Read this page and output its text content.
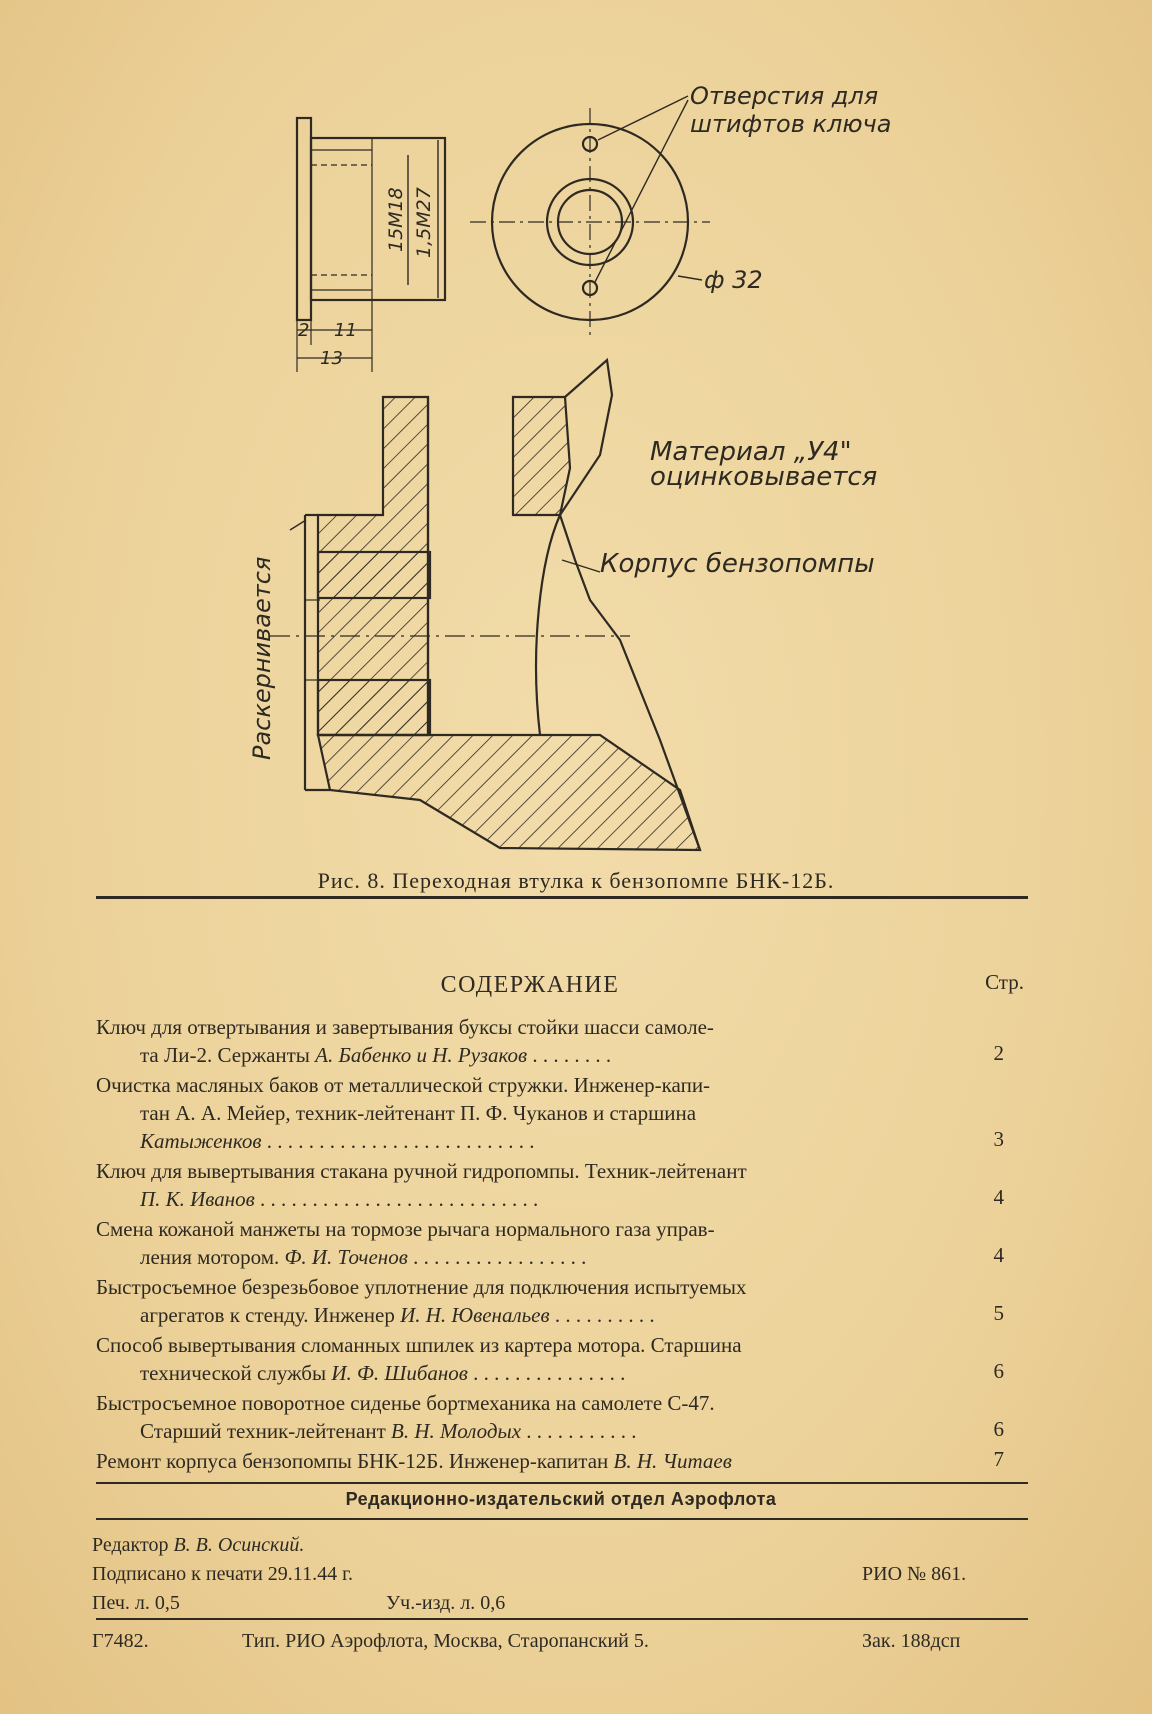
Отверстия для
штифтов ключа
ф 32
Материал „У4"
оцинковывается
Корпус бензопомпы
Раскернивается
15М18 1,5М27
2 11
13
Рис. 8. Переходная втулка к бензопомпе БНК-12Б.
СОДЕРЖАНИЕ	Стр.
Ключ для отвертывания и завертывания буксы стойки шасси самоле-
та Ли-2. Сержанты А. Бабенко и Н. Рузаков . . . . . . . .	2
Очистка масляных баков от металлической стружки. Инженер-капи-
тан А. А. Мейер, техник-лейтенант П. Ф. Чуканов и старшина
Катыженков . . . . . . . . . . . . . . . . . . . . . . . . . .	3
Ключ для вывертывания стакана ручной гидропомпы. Техник-лейтенант
П. К. Иванов . . . . . . . . . . . . . . . . . . . . . . . . . . .	4
Смена кожаной манжеты на тормозе рычага нормального газа управ-
ления мотором. Ф. И. Точенов . . . . . . . . . . . . . . . . .	4
Быстросъемное безрезьбовое уплотнение для подключения испытуемых
агрегатов к стенду. Инженер И. Н. Ювенальев . . . . . . . . . .	5
Способ вывертывания сломанных шпилек из картера мотора. Старшина
технической службы И. Ф. Шибанов . . . . . . . . . . . . . . .	6
Быстросъемное поворотное сиденье бортмеханика на самолете С-47.
Старший техник-лейтенант В. Н. Молодых . . . . . . . . . . .	6
Ремонт корпуса бензопомпы БНК-12Б. Инженер-капитан В. Н. Читаев	7
Редакционно-издательский отдел Аэрофлота
Редактор В. В. Осинский.
Подписано к печати 29.11.44 г.	РИО № 861.
Печ. л. 0,5	Уч.-изд. л. 0,6
Г7482.	Тип. РИО Аэрофлота, Москва, Старопанский 5.	Зак. 188дсп
